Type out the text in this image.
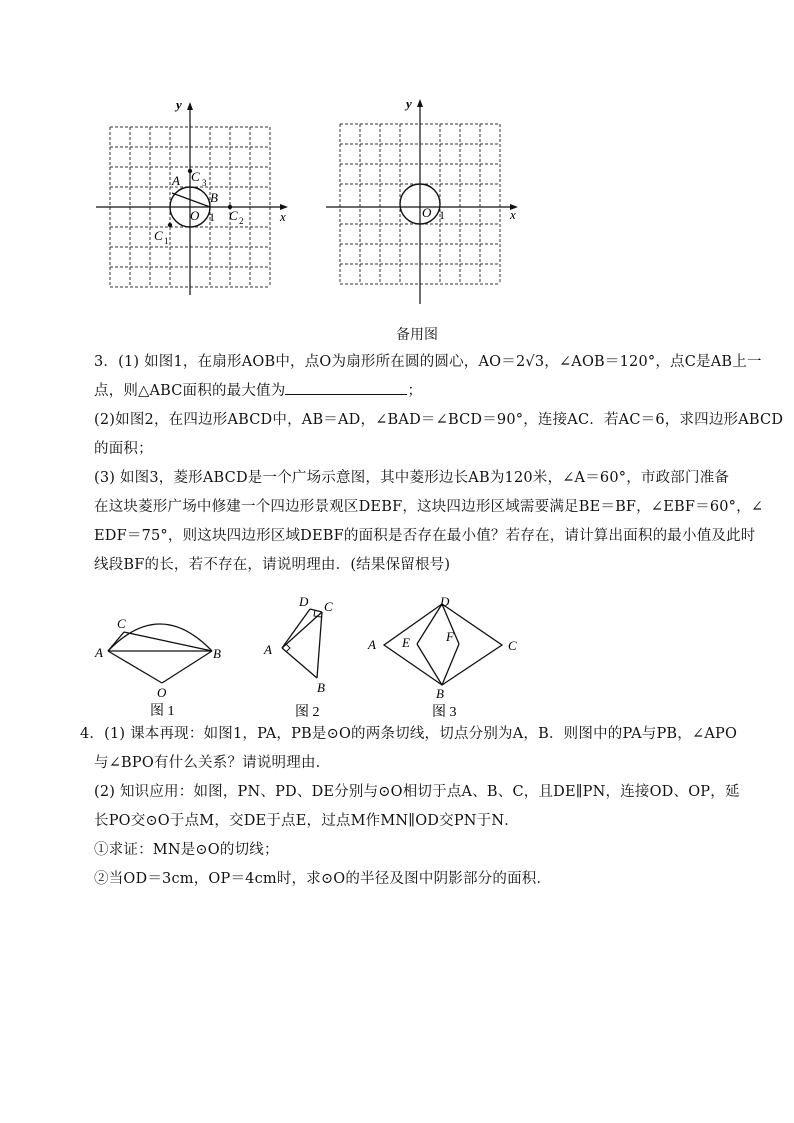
y
x
A C 3
B
O 1 C 2
C 1
y
x
O 1
备用图
3．(1) 如图1，在扇形AOB中，点O为扇形所在圆的圆心，AO＝2√3，∠AOB＝120°，点C是AB上一
点，则△ABC面积的最大值为	；
(2)如图2，在四边形ABCD中，AB＝AD，∠BAD＝∠BCD＝90°，连接AC．若AC＝6，求四边形ABCD
的面积；
(3) 如图3，菱形ABCD是一个广场示意图，其中菱形边长AB为120米，∠A＝60°，市政部门准备
在这块菱形广场中修建一个四边形景观区DEBF，这块四边形区域需要满足BE＝BF，∠EBF＝60°，∠
EDF＝75°，则这块四边形区域DEBF的面积是否存在最小值？若存在，请计算出面积的最小值及此时
线段BF的长，若不存在，请说明理由．(结果保留根号)
C
A	B
O
图 1
D C
A
B
图 2
D
A E	F
C
B
图 3
4．(1) 课本再现：如图1，PA，PB是⊙O的两条切线，切点分别为A，B．则图中的PA与PB，∠APO
与∠BPO有什么关系？请说明理由．
(2) 知识应用：如图，PN、PD、DE分别与⊙O相切于点A、B、C，且DE∥PN，连接OD、OP，延
长PO交⊙O于点M，交DE于点E，过点M作MN∥OD交PN于N．
①求证：MN是⊙O的切线；
②当OD＝3cm，OP＝4cm时，求⊙O的半径及图中阴影部分的面积．
